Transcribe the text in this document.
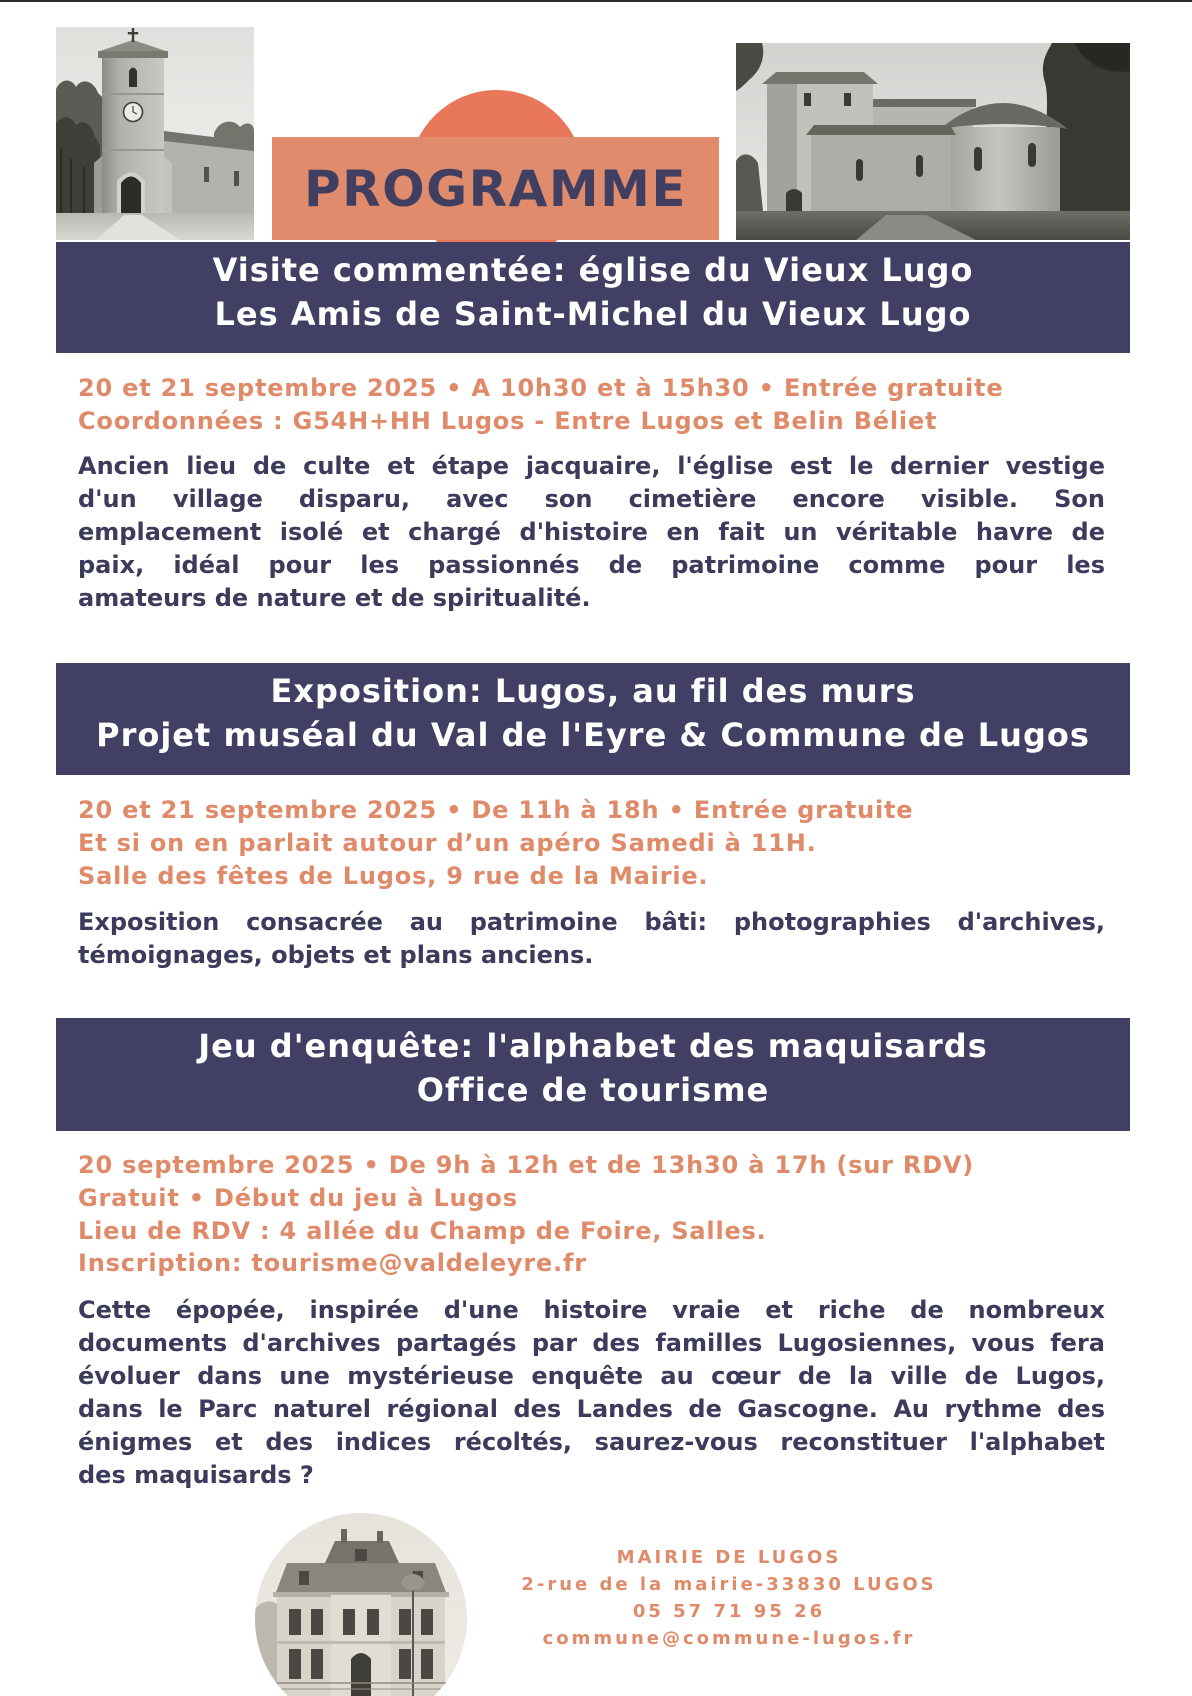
PROGRAMME
Visite commentée: église du Vieux Lugo
Les Amis de Saint-Michel du Vieux Lugo
20 et 21 septembre 2025 • A 10h30 et à 15h30 • Entrée gratuite
Coordonnées : G54H+HH Lugos - Entre Lugos et Belin Béliet
Ancien lieu de culte et étape jacquaire, l'église est le dernier vestige
d'un village disparu, avec son cimetière encore visible. Son
emplacement isolé et chargé d'histoire en fait un véritable havre de
paix, idéal pour les passionnés de patrimoine comme pour les
amateurs de nature et de spiritualité.
Exposition: Lugos, au fil des murs
Projet muséal du Val de l'Eyre & Commune de Lugos
20 et 21 septembre 2025 • De 11h à 18h • Entrée gratuite
Et si on en parlait autour d’un apéro Samedi à 11H.
Salle des fêtes de Lugos, 9 rue de la Mairie.
Exposition consacrée au patrimoine bâti: photographies d'archives,
témoignages, objets et plans anciens.
Jeu d'enquête: l'alphabet des maquisards
Office de tourisme
20 septembre 2025 • De 9h à 12h et de 13h30 à 17h (sur RDV)
Gratuit • Début du jeu à Lugos
Lieu de RDV : 4 allée du Champ de Foire, Salles.
Inscription: tourisme@valdeleyre.fr
Cette épopée, inspirée d'une histoire vraie et riche de nombreux
documents d'archives partagés par des familles Lugosiennes, vous fera
évoluer dans une mystérieuse enquête au cœur de la ville de Lugos,
dans le Parc naturel régional des Landes de Gascogne. Au rythme des
énigmes et des indices récoltés, saurez-vous reconstituer l'alphabet
des maquisards ?
MAIRIE DE LUGOS
2-rue de la mairie-33830 LUGOS
05 57 71 95 26
commune@commune-lugos.fr
